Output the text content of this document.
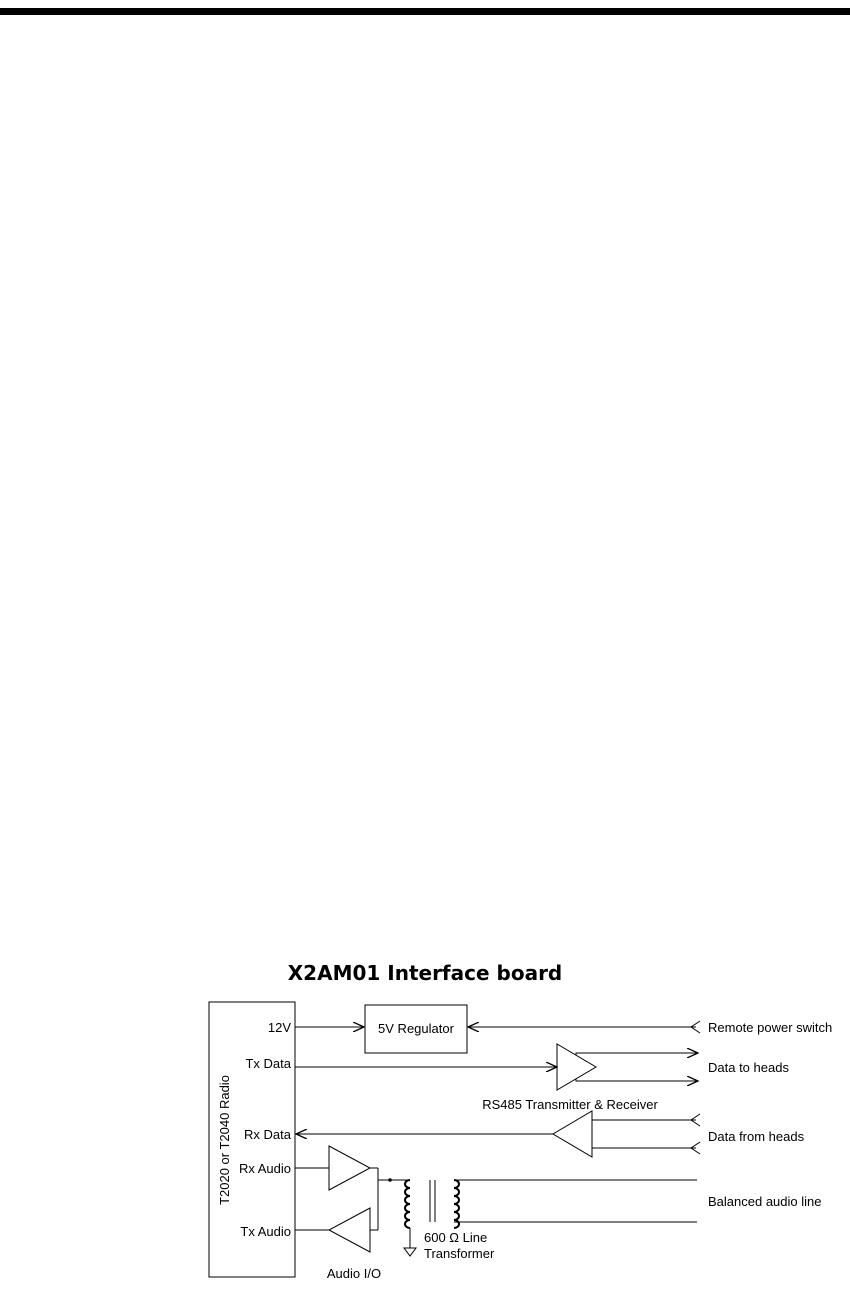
X2AM01 Interface board
T2020 or T2040 Radio
12V
Tx Data
Rx Data
Rx Audio
Tx Audio
5V Regulator	Remote power switch
Data to heads
RS485 Transmitter & Receiver
Data from heads
Audio I/O
600 Ω Line
Transformer
Balanced audio line
